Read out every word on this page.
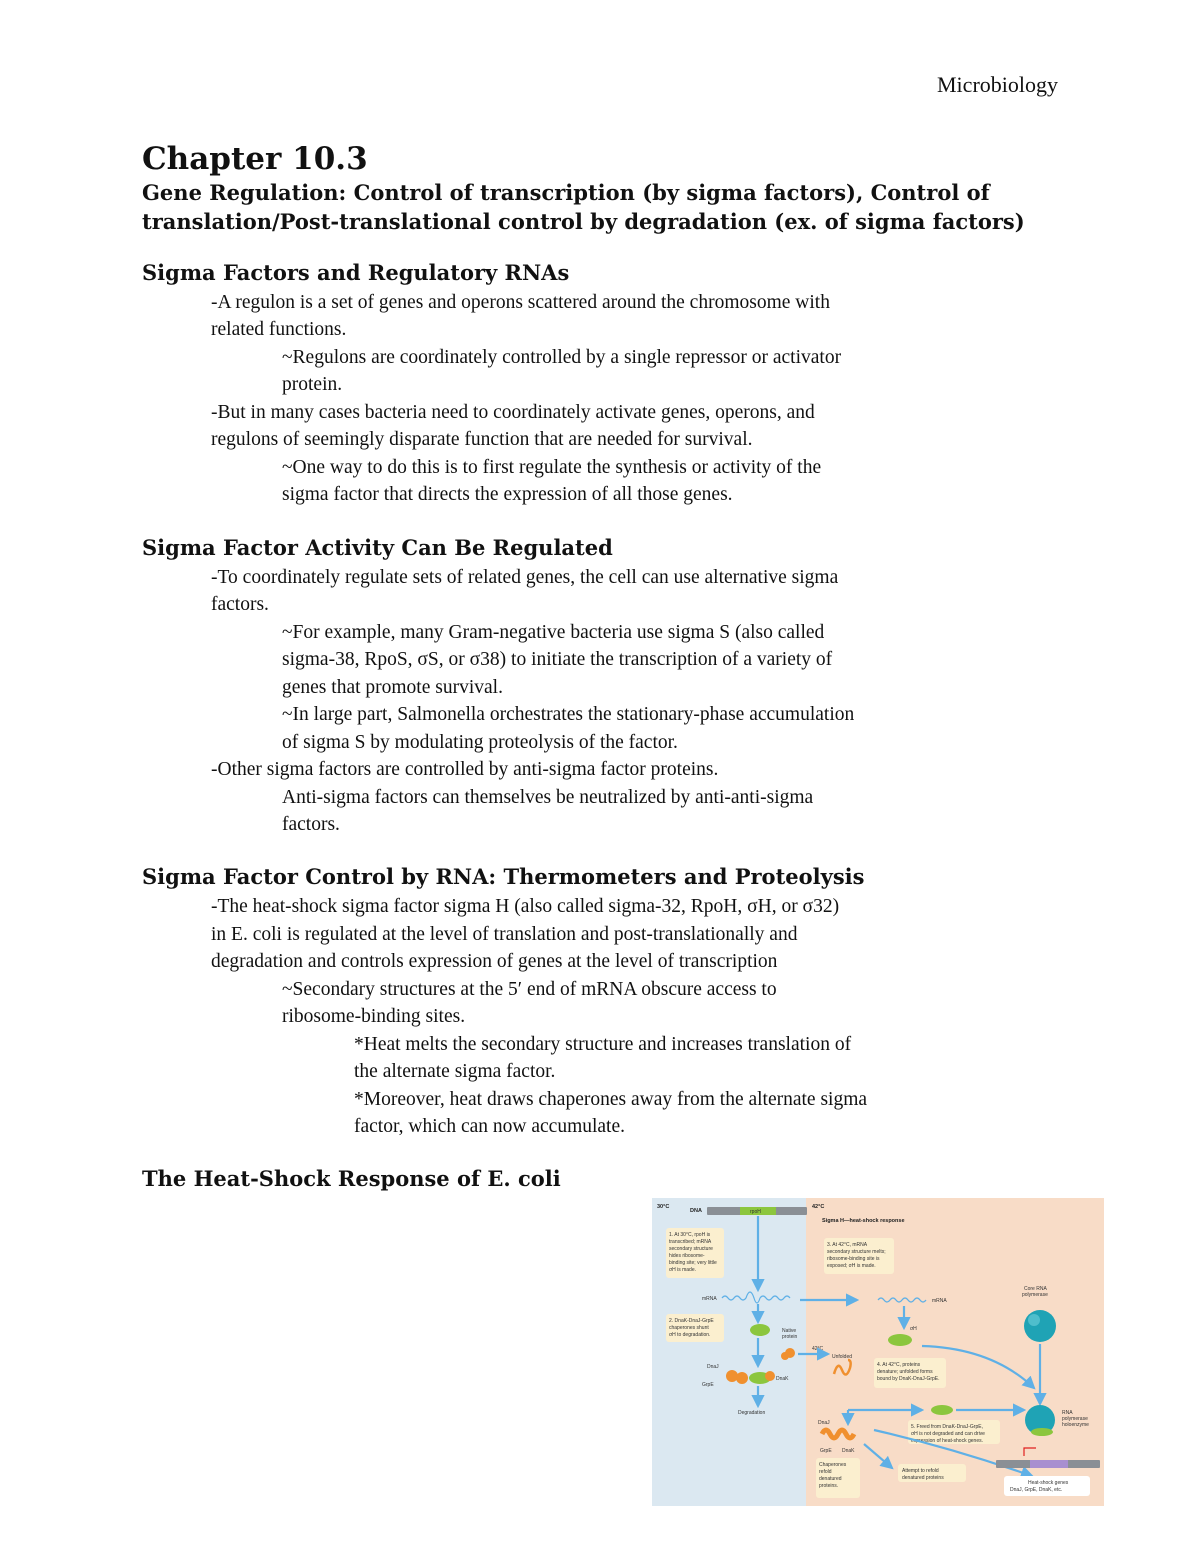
Microbiology
Chapter 10.3
Gene Regulation: Control of transcription (by sigma factors), Control of
translation/Post-translational control by degradation (ex. of sigma factors)
Sigma Factors and Regulatory RNAs
-A regulon is a set of genes and operons scattered around the chromosome with
related functions.
~Regulons are coordinately controlled by a single repressor or activator
protein.
-But in many cases bacteria need to coordinately activate genes, operons, and
regulons of seemingly disparate function that are needed for survival.
~One way to do this is to first regulate the synthesis or activity of the
sigma factor that directs the expression of all those genes.
Sigma Factor Activity Can Be Regulated
-To coordinately regulate sets of related genes, the cell can use alternative sigma
factors.
~For example, many Gram-negative bacteria use sigma S (also called
sigma-38, RpoS, σS, or σ38) to initiate the transcription of a variety of
genes that promote survival.
~In large part, Salmonella orchestrates the stationary-phase accumulation
of sigma S by modulating proteolysis of the factor.
-Other sigma factors are controlled by anti-sigma factor proteins.
Anti-sigma factors can themselves be neutralized by anti-anti-sigma
factors.
Sigma Factor Control by RNA: Thermometers and Proteolysis
-The heat-shock sigma factor sigma H (also called sigma-32, RpoH, σH, or σ32)
in E. coli is regulated at the level of translation and post-translationally and
degradation and controls expression of genes at the level of transcription
~Secondary structures at the 5′ end of mRNA obscure access to
ribosome-binding sites.
*Heat melts the secondary structure and increases translation of
the alternate sigma factor.
*Moreover, heat draws chaperones away from the alternate sigma
factor, which can now accumulate.
The Heat-Shock Response of E. coli
30°C
DNA	rpoH
1. At 30°C, rpoH is transcribed; mRNA secondary structure hides ribosome- binding site; very little σH is made.
mRNA
2. DnaK-DnaJ-GrpE chaperones shunt σH to degradation.
Native protein
DnaJ
GrpE
DnaK
Degradation
42°C
Sigma H—heat-shock response
3. At 42°C, mRNA secondary structure melts; ribosome-binding site is exposed; σH is made.
mRNA
Core RNA polymerase
σH
42°C
Unfolded
4. At 42°C, proteins denature; unfolded forms bound by DnaK-DnaJ-GrpE.
RNA polymerase holoenzyme
DnaJ
5. Freed from DnaK-DnaJ-GrpE, σH is not degraded and can drive expression of heat-shock genes.
GrpE DnaK
Chaperones refold denatured proteins.
Attempt to refold denatured proteins
Heat-shock genes DnaJ, GrpE, DnaK, etc.
